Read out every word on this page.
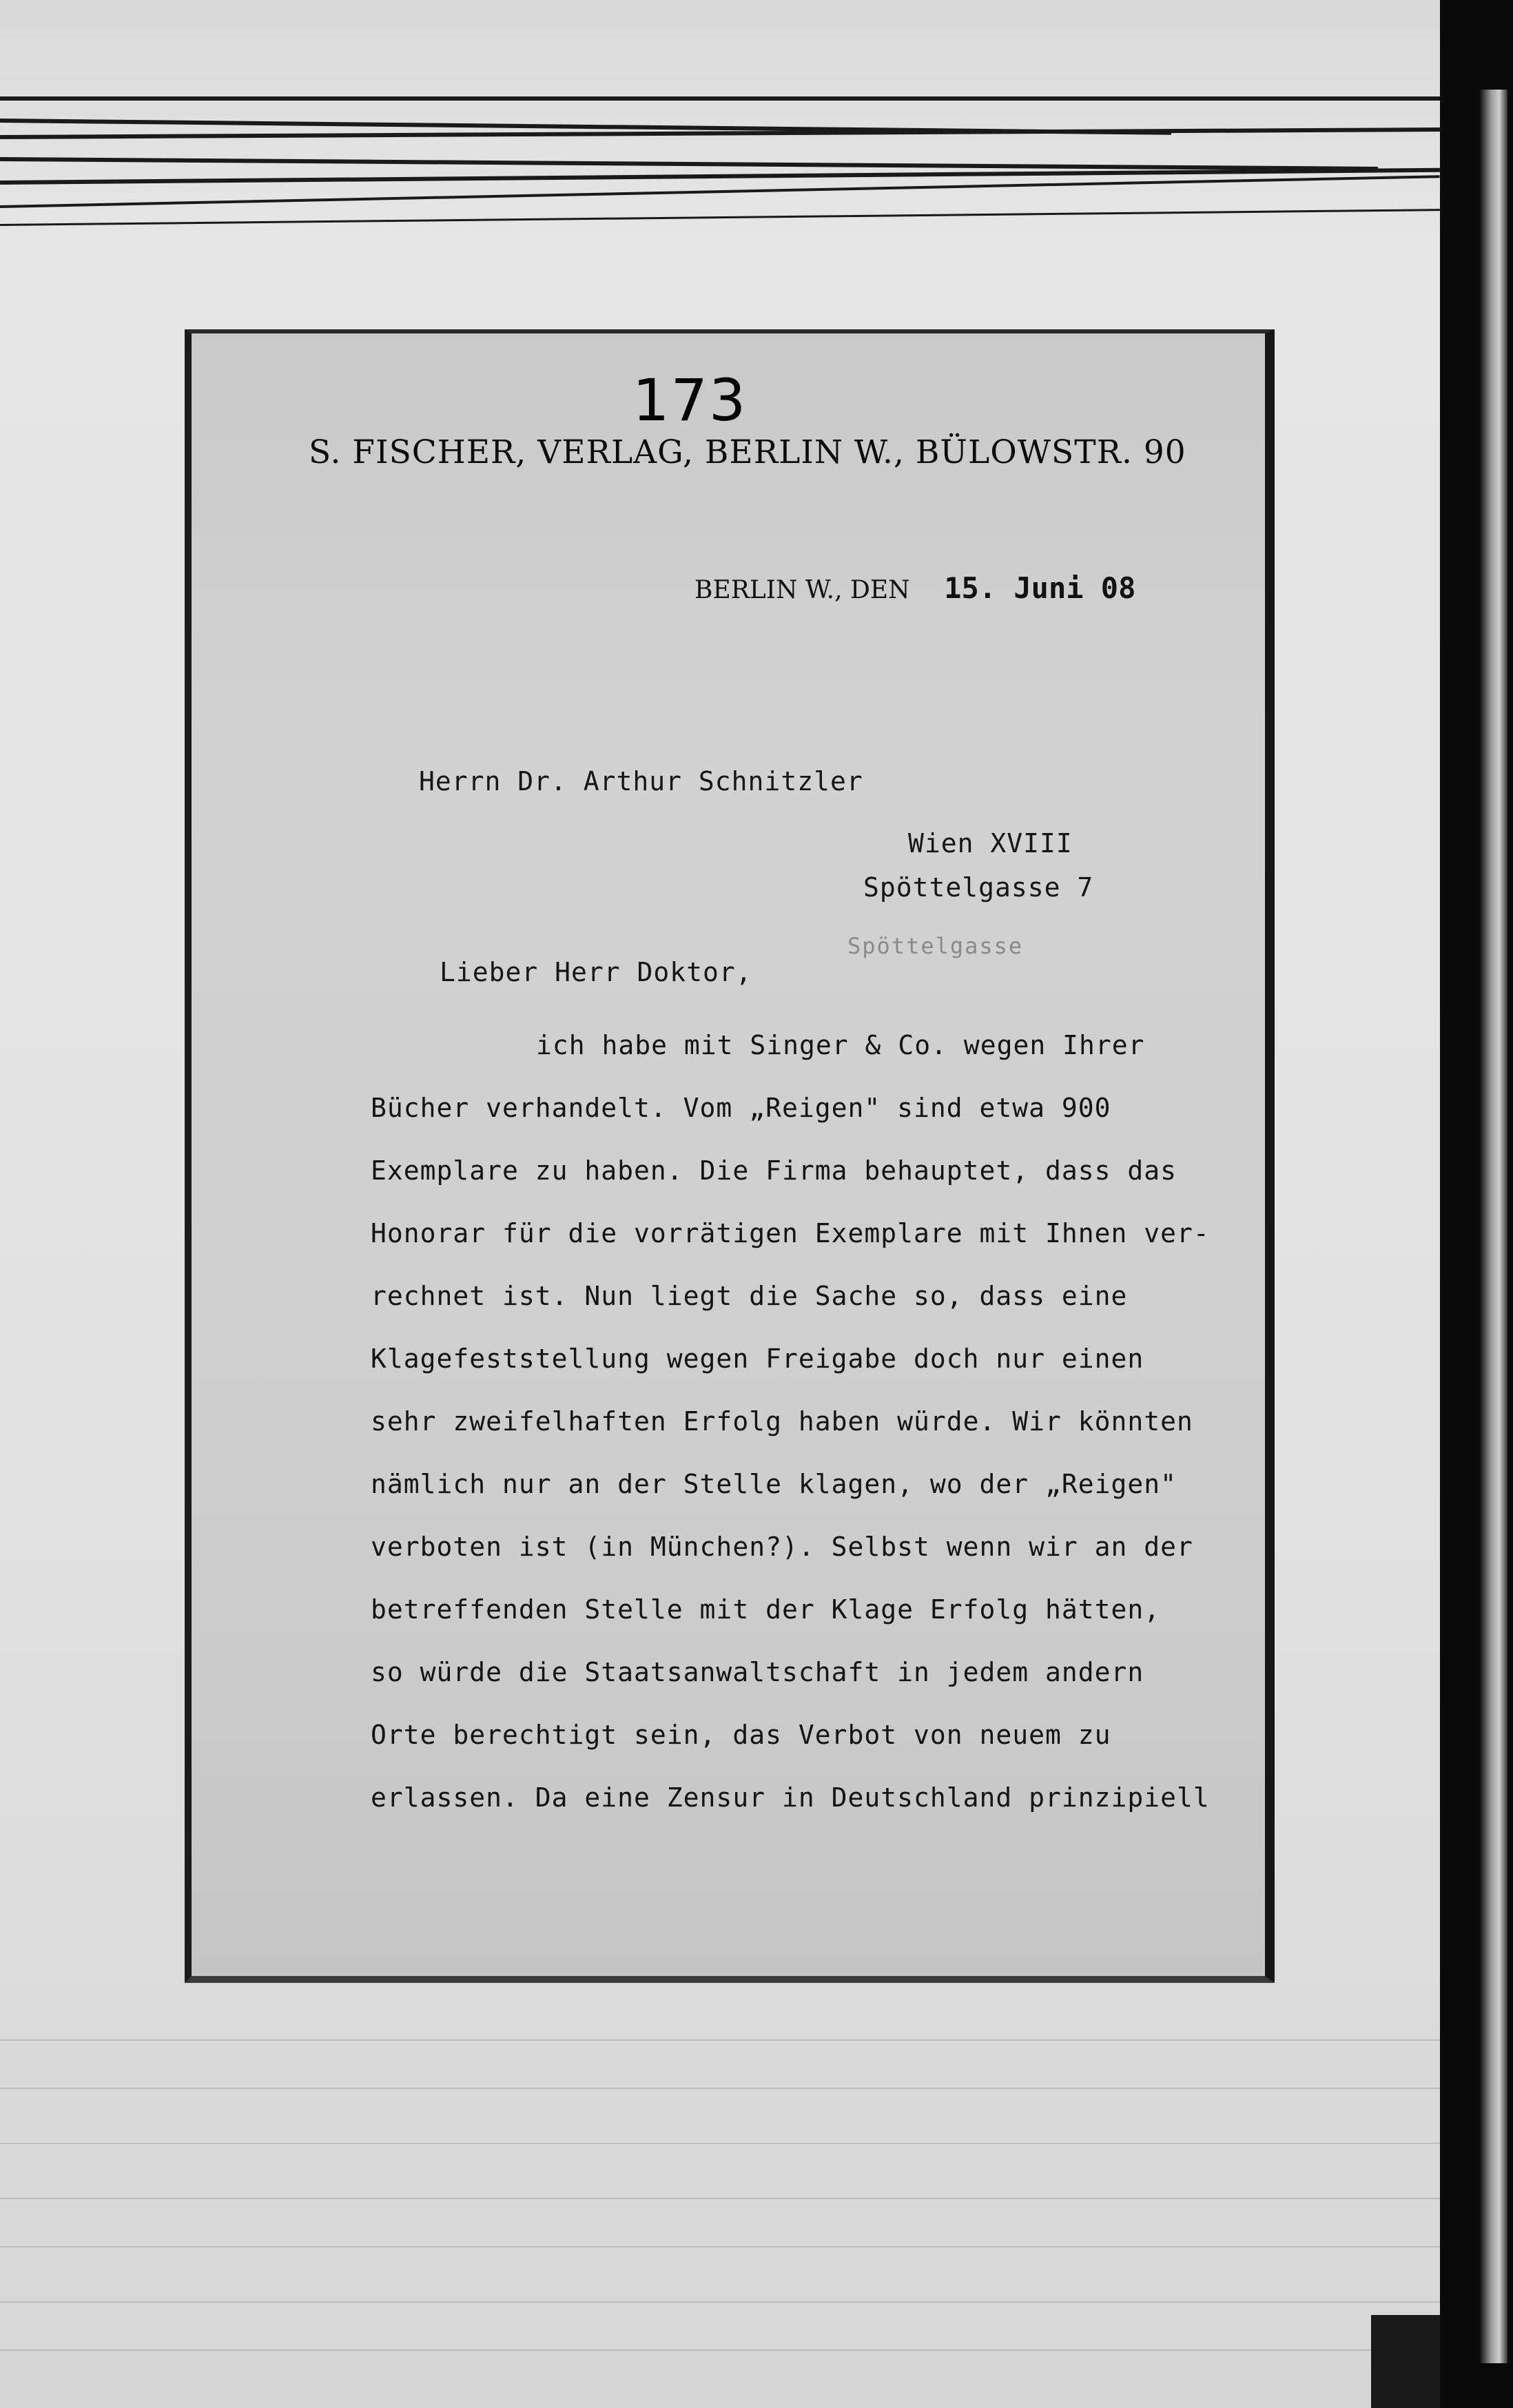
173
S. FISCHER, VERLAG, BERLIN W., BÜLOWSTR. 90
BERLIN W., DEN 15. Juni 08
Herrn Dr. Arthur Schnitzler
Wien XVIII
Spöttelgasse 7
Spöttelgasse
Lieber Herr Doktor,
ich habe mit Singer & Co. wegen Ihrer
Bücher verhandelt. Vom „Reigen" sind etwa 900
Exemplare zu haben. Die Firma behauptet, dass das
Honorar für die vorrätigen Exemplare mit Ihnen ver-
rechnet ist. Nun liegt die Sache so, dass eine
Klagefeststellung wegen Freigabe doch nur einen
sehr zweifelhaften Erfolg haben würde. Wir könnten
nämlich nur an der Stelle klagen, wo der „Reigen"
verboten ist (in München?). Selbst wenn wir an der
betreffenden Stelle mit der Klage Erfolg hätten,
so würde die Staatsanwaltschaft in jedem andern
Orte berechtigt sein, das Verbot von neuem zu
erlassen. Da eine Zensur in Deutschland prinzipiell
